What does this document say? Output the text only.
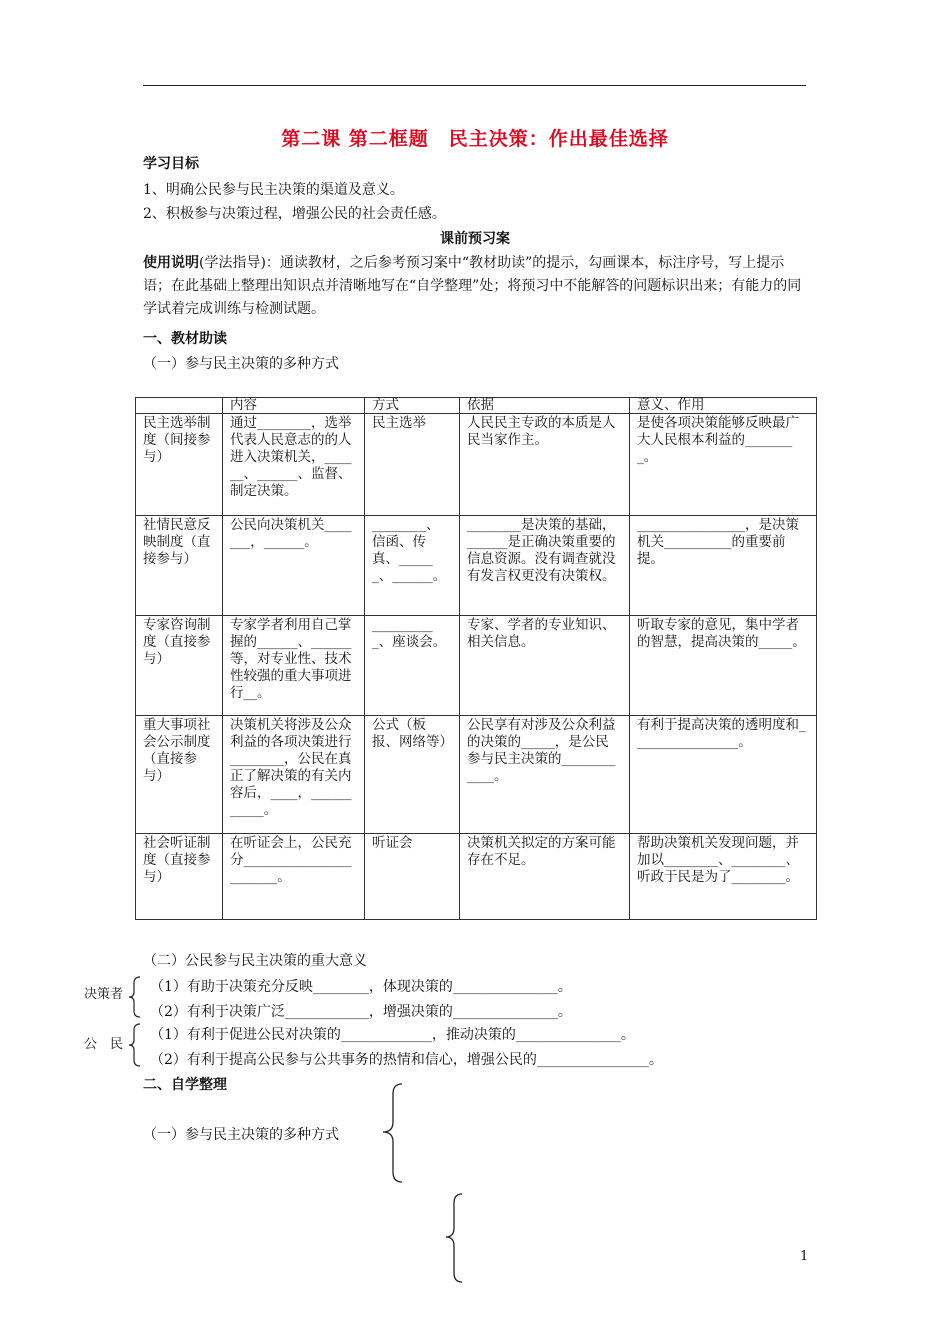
第二课 第二框题　民主决策：作出最佳选择
学习目标
1、明确公民参与民主决策的渠道及意义。
2、积极参与决策过程，增强公民的社会责任感。
课前预习案
使用说明(学法指导)：通读教材，之后参考预习案中“教材助读”的提示，勾画课本，标注序号，写上提示语；在此基础上整理出知识点并清晰地写在“自学整理”处；将预习中不能解答的问题标识出来；有能力的同学试着完成训练与检测试题。
一、教材助读
（一）参与民主决策的多种方式
	内容	方式	依据	意义、作用
民主选举制度（间接参与）	通过________，选举代表人民意志的的人进入决策机关，______、______、监督、制定决策。	民主选举	人民民主专政的本质是人民当家作主。	是使各项决策能够反映最广大人民根本利益的________。
社情民意反映制度（直接参与）	公民向决策机关_______，______。	________、信函、传真、______、______。	________是决策的基础，______是正确决策重要的信息资源。没有调查就没有发言权更没有决策权。	________________，是决策机关__________的重要前提。
专家咨询制度（直接参与）	专家学者利用自己掌握的______、______等，对专业性、技术性较强的重大事项进行__。	__________、座谈会。	专家、学者的专业知识、相关信息。	听取专家的意见，集中学者的智慧，提高决策的_____。
重大事项社会公示制度（直接参与）	决策机关将涉及公众利益的各项决策进行________，公民在真正了解决策的有关内容后，____，___________。	公式（板报、网络等）	公民享有对涉及公众利益的决策的_____，是公民参与民主决策的____________。	有利于提高决策的透明度和________________。
社会听证制度（直接参与）	在听证会上，公民充分_______________________。	听证会	决策机关拟定的方案可能存在不足。	帮助决策机关发现问题，并加以________、________、听政于民是为了________。
（二）公民参与民主决策的重大意义
决策者 （1）有助于决策充分反映________，体现决策的_______________。
（2）有利于决策广泛____________，增强决策的_______________。
公　民
（1）有利于促进公民对决策的_____________，推动决策的_______________。
（2）有利于提高公民参与公共事务的热情和信心，增强公民的________________。
二、自学整理
（一）参与民主决策的多种方式
1
